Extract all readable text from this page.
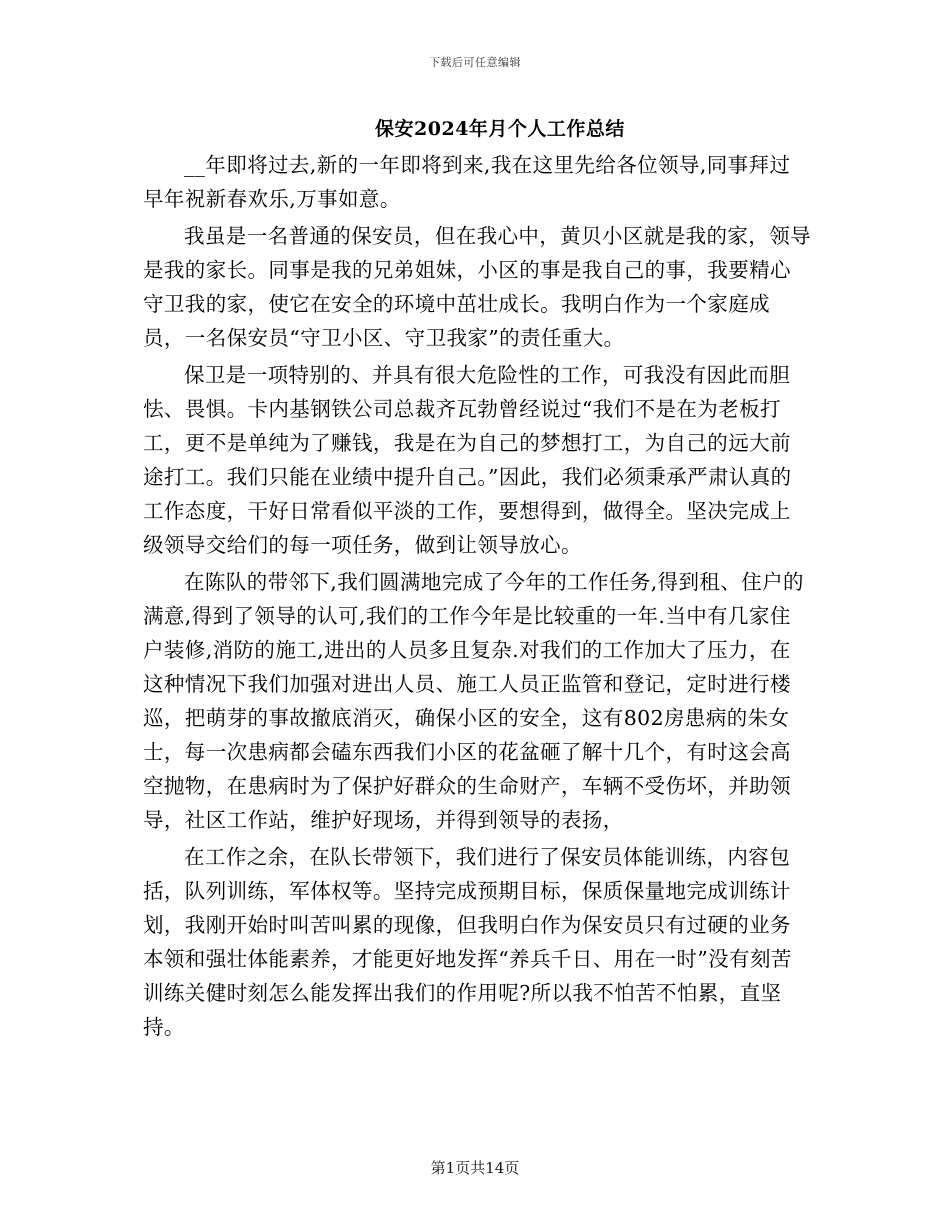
下载后可任意编辑
保安2024年月个人工作总结

__年即将过去,新的一年即将到来,我在这里先给各位领导,同事拜过早年祝新春欢乐,万事如意。

我虽是一名普通的保安员，但在我心中，黄贝小区就是我的家，领导是我的家长。同事是我的兄弟姐妹，小区的事是我自己的事，我要精心守卫我的家，使它在安全的环境中茁壮成长。我明白作为一个家庭成员，一名保安员“守卫小区、守卫我家”的责任重大。

保卫是一项特别的、并具有很大危险性的工作，可我没有因此而胆怯、畏惧。卡内基钢铁公司总裁齐瓦勃曾经说过“我们不是在为老板打工，更不是单纯为了赚钱，我是在为自己的梦想打工，为自己的远大前途打工。我们只能在业绩中提升自己。”因此，我们必须秉承严肃认真的工作态度，干好日常看似平淡的工作，要想得到，做得全。坚决完成上级领导交给们的每一项任务，做到让领导放心。

在陈队的带邻下,我们圆满地完成了今年的工作任务,得到租、住户的满意,得到了领导的认可,我们的工作今年是比较重的一年.当中有几家住户装修,消防的施工,进出的人员多且复杂.对我们的工作加大了压力，在这种情况下我们加强对进出人员、施工人员正监管和登记，定时进行楼巡，把萌芽的事故撤底消灭，确保小区的安全，这有802房患病的朱女士，每一次患病都会磕东西我们小区的花盆砸了解十几个，有时这会高空抛物，在患病时为了保护好群众的生命财产，车辆不受伤坏，并助领导，社区工作站，维护好现场，并得到领导的表扬，

在工作之余，在队长带领下，我们进行了保安员体能训练，内容包括，队列训练，军体权等。坚持完成预期目标，保质保量地完成训练计划，我刚开始时叫苦叫累的现像，但我明白作为保安员只有过硬的业务本领和强壮体能素养，才能更好地发挥“养兵千日、用在一时”没有刻苦训练关健时刻怎么能发挥出我们的作用呢?所以我不怕苦不怕累，直坚持。

第1页共14页
